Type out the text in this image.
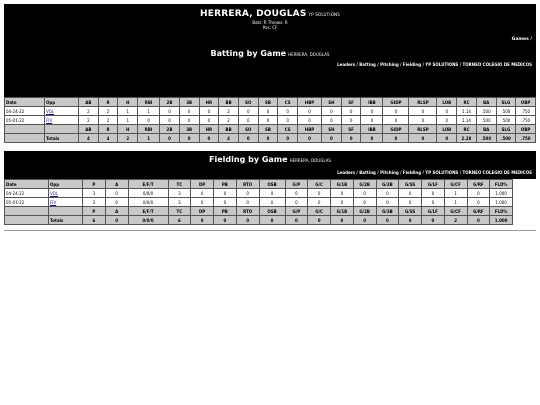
HERRERA, DOUGLAS YP SOLUTIONS
Bats: R Throws: R
Pos: CF
Games /
Batting by Game HERRERA, DOUGLAS
Leaders / Batting / Pitching / Fielding / YP SOLUTIONS / TORNEO COLEGIO DE MEDICOS
Date	Opp	AB	R	H	RBI	2B	3B	HR	BB	SO	SB	CS	HBP	SH	SF	IBB	GIDP	RLSP	LOB	RC	BA	SLG	OBP
04-24-22	VOL	2	2	1	1	0	0	0	2	0	0	0	0	0	0	0	0	0	0	1.14	.500	.500	.750
05-01-22	FIV	2	2	1	0	0	0	0	2	0	0	0	0	0	0	0	0	0	0	1.14	.500	.500	.750
		AB	R	H	RBI	2B	3B	HR	BB	SO	SB	CS	HBP	SH	SF	IBB	GIDP	RLSP	LOB	RC	BA	SLG	OBP
	Totals	4	4	2	1	0	0	0	4	0	0	0	0	0	0	0	0	0	0	2.28	.500	.500	.750
Fielding by Game HERRERA, DOUGLAS
Leaders / Batting / Pitching / Fielding / YP SOLUTIONS / TORNEO COLEGIO DE MEDICOS
Date	Opp	P	A	E/F/T	TC	DP	PB	RTO	OSB	G/P	G/C	G/1B	G/2B	G/3B	G/SS	G/LF	G/CF	G/RF	FLD%
04-24-22	VOL	3	0	0/0/0	3	0	0	0	0	0	0	0	0	0	0	0	1	0	1.000
05-01-22	FIV	3	0	0/0/0	3	0	0	0	0	0	0	0	0	0	0	0	1	0	1.000
		P	A	E/F/T	TC	DP	PB	RTO	OSB	G/P	G/C	G/1B	G/2B	G/3B	G/SS	G/LF	G/CF	G/RF	FLD%
	Totals	6	0	0/0/0	6	0	0	0	0	0	0	0	0	0	0	0	2	0	1.000
